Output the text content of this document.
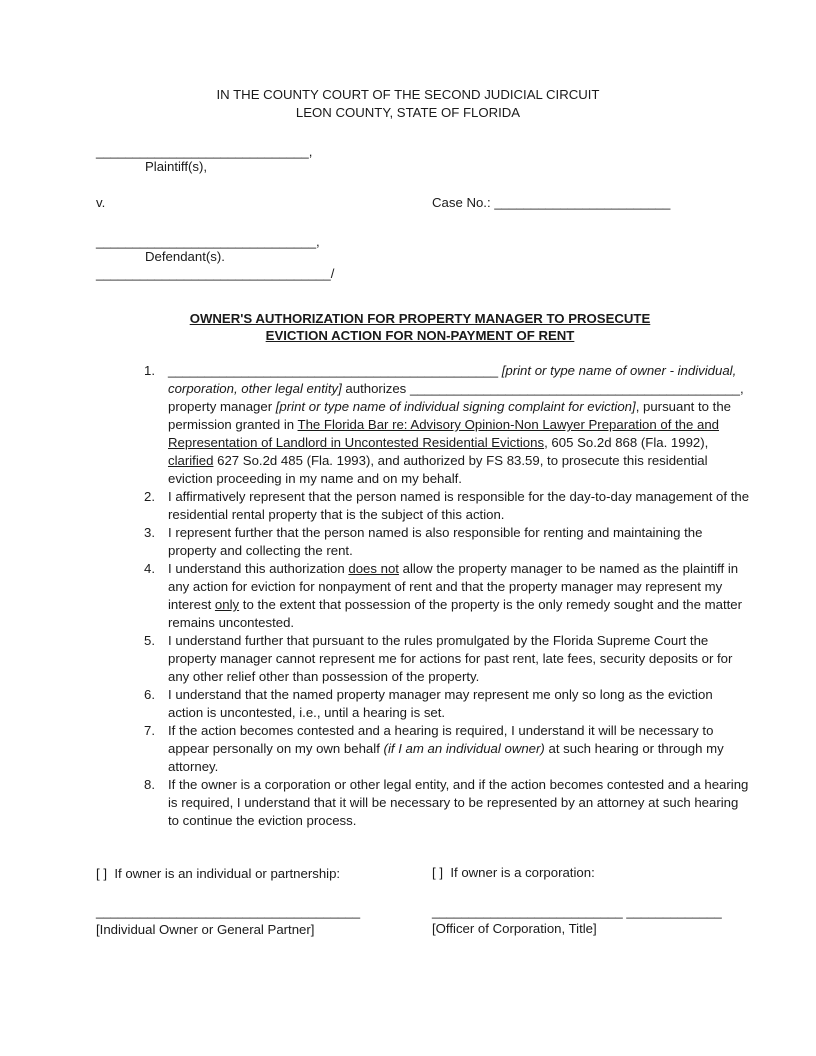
IN THE COUNTY COURT OF THE SECOND JUDICIAL CIRCUIT
LEON COUNTY, STATE OF FLORIDA
_____________________________,
Plaintiff(s),
v.	Case No.: ________________________
______________________________,
Defendant(s).
________________________________/
OWNER'S AUTHORIZATION FOR PROPERTY MANAGER TO PROSECUTE
EVICTION ACTION FOR NON-PAYMENT OF RENT
1. _____________________________________________ [print or type name of owner - individual, corporation, other legal entity] authorizes _____________________________________________, property manager [print or type name of individual signing complaint for eviction], pursuant to the permission granted in The Florida Bar re: Advisory Opinion-Non Lawyer Preparation of the and Representation of Landlord in Uncontested Residential Evictions, 605 So.2d 868 (Fla. 1992), clarified 627 So.2d 485 (Fla. 1993), and authorized by FS 83.59, to prosecute this residential eviction proceeding in my name and on my behalf.
2. I affirmatively represent that the person named is responsible for the day-to-day management of the residential rental property that is the subject of this action.
3. I represent further that the person named is also responsible for renting and maintaining the property and collecting the rent.
4. I understand this authorization does not allow the property manager to be named as the plaintiff in any action for eviction for nonpayment of rent and that the property manager may represent my interest only to the extent that possession of the property is the only remedy sought and the matter remains uncontested.
5. I understand further that pursuant to the rules promulgated by the Florida Supreme Court the property manager cannot represent me for actions for past rent, late fees, security deposits or for any other relief other than possession of the property.
6. I understand that the named property manager may represent me only so long as the eviction action is uncontested, i.e., until a hearing is set.
7. If the action becomes contested and a hearing is required, I understand it will be necessary to appear personally on my own behalf (if I am an individual owner) at such hearing or through my attorney.
8. If the owner is a corporation or other legal entity, and if the action becomes contested and a hearing is required, I understand that it will be necessary to be represented by an attorney at such hearing to continue the eviction process.
[ ] If owner is an individual or partnership:	[ ] If owner is a corporation:
____________________________________
[Individual Owner or General Partner]
__________________________ _____________
[Officer of Corporation, Title]
